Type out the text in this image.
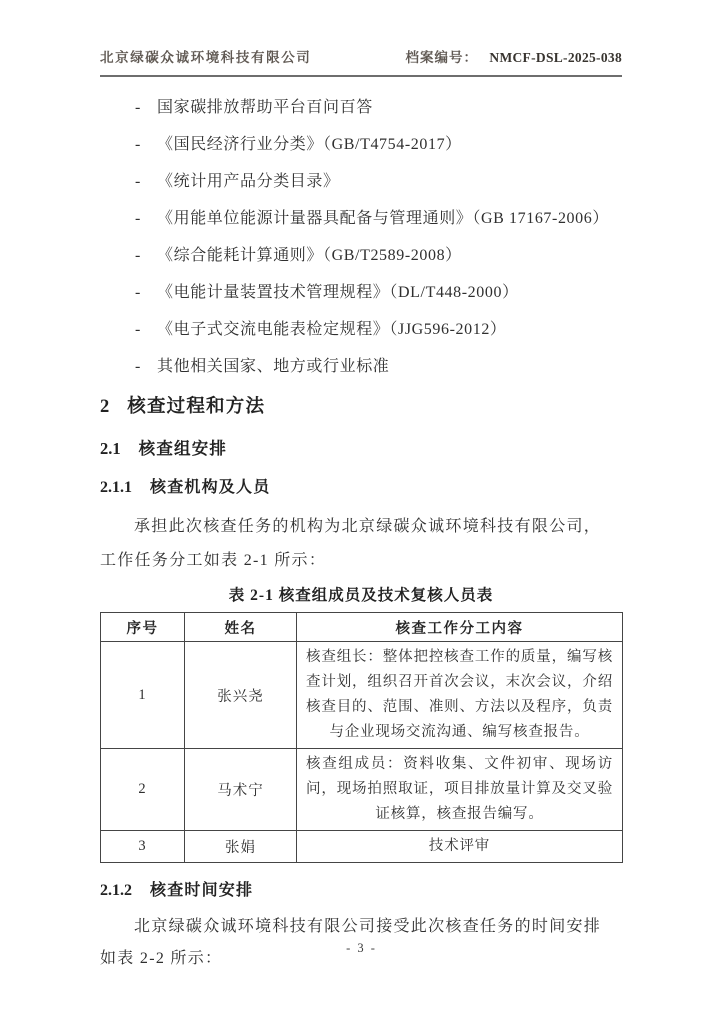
北京绿碳众诚环境科技有限公司	档案编号： NMCF-DSL-2025-038
-	国家碳排放帮助平台百问百答
-	《国民经济行业分类》（GB/T4754-2017）
-	《统计用产品分类目录》
-	《用能单位能源计量器具配备与管理通则》（GB 17167-2006）
-	《综合能耗计算通则》（GB/T2589-2008）
-	《电能计量装置技术管理规程》（DL/T448-2000）
-	《电子式交流电能表检定规程》（JJG596-2012）
-	其他相关国家、地方或行业标准
2 核查过程和方法
2.1 核查组安排
2.1.1 核查机构及人员
承担此次核查任务的机构为北京绿碳众诚环境科技有限公司，
工作任务分工如表 2-1 所示：
表 2-1 核查组成员及技术复核人员表
序号	姓名	核查工作分工内容
1	张兴尧	核查组长：整体把控核查工作的质量，编写核查计划，组织召开首次会议，末次会议，介绍核查目的、范围、准则、方法以及程序，负责与企业现场交流沟通、编写核查报告。
2	马术宁	核查组成员：资料收集、文件初审、现场访问，现场拍照取证，项目排放量计算及交叉验证核算，核查报告编写。
3	张娟	技术评审
2.1.2 核查时间安排
北京绿碳众诚环境科技有限公司接受此次核查任务的时间安排
如表 2-2 所示：
- 3 -
